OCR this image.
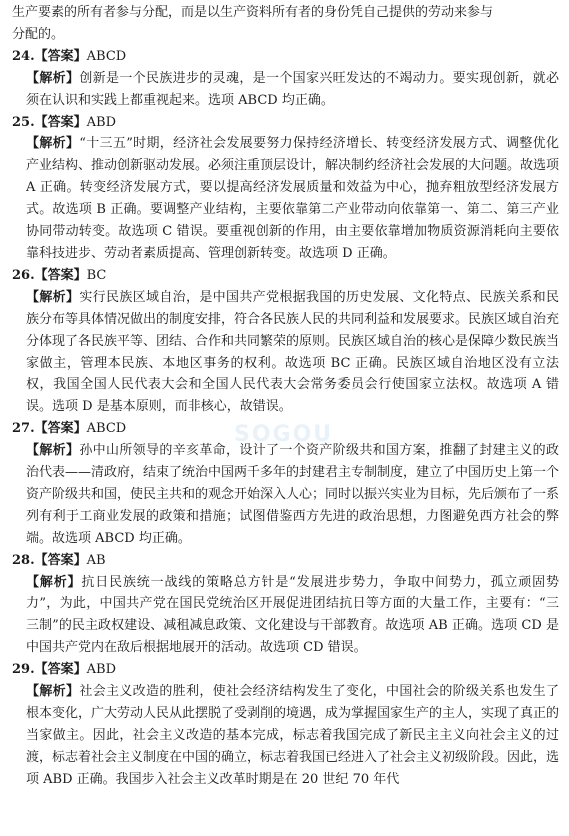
生产要素的所有者参与分配，而是以生产资料所有者的身份凭自己提供的劳动来参与

分配的。

24.【答案】ABCD

【解析】创新是一个民族进步的灵魂，是一个国家兴旺发达的不竭动力。要实现创新，就必须在认识和实践上都重视起来。选项 ABCD 均正确。

25.【答案】ABD

【解析】“十三五”时期，经济社会发展要努力保持经济增长、转变经济发展方式、调整优化产业结构、推动创新驱动发展。必须注重顶层设计，解决制约经济社会发展的大问题。故选项 A 正确。转变经济发展方式，要以提高经济发展质量和效益为中心，抛弃粗放型经济发展方式。故选项 B 正确。要调整产业结构，主要依靠第二产业带动向依靠第一、第二、第三产业协同带动转变。故选项 C 错误。要重视创新的作用，由主要依靠增加物质资源消耗向主要依靠科技进步、劳动者素质提高、管理创新转变。故选项 D 正确。

26.【答案】BC

【解析】实行民族区域自治，是中国共产党根据我国的历史发展、文化特点、民族关系和民族分布等具体情况做出的制度安排，符合各民族人民的共同利益和发展要求。民族区域自治充分体现了各民族平等、团结、合作和共同繁荣的原则。民族区域自治的核心是保障少数民族当家做主，管理本民族、本地区事务的权利。故选项 BC 正确。民族区域自治地区没有立法权，我国全国人民代表大会和全国人民代表大会常务委员会行使国家立法权。故选项 A 错误。选项 D 是基本原则，而非核心，故错误。

27.【答案】ABCD

【解析】孙中山所领导的辛亥革命，设计了一个资产阶级共和国方案，推翻了封建主义的政治代表——清政府，结束了统治中国两千多年的封建君主专制制度，建立了中国历史上第一个资产阶级共和国，使民主共和的观念开始深入人心；同时以振兴实业为目标，先后颁布了一系列有利于工商业发展的政策和措施；试图借鉴西方先进的政治思想，力图避免西方社会的弊端。故选项 ABCD 均正确。

28.【答案】AB

【解析】抗日民族统一战线的策略总方针是“发展进步势力，争取中间势力，孤立顽固势力”，为此，中国共产党在国民党统治区开展促进团结抗日等方面的大量工作，主要有：“三三制”的民主政权建设、减租减息政策、文化建设与干部教育。故选项 AB 正确。选项 CD 是中国共产党内在敌后根据地展开的活动。故选项 CD 错误。

29.【答案】ABD

【解析】社会主义改造的胜利，使社会经济结构发生了变化，中国社会的阶级关系也发生了根本变化，广大劳动人民从此摆脱了受剥削的境遇，成为掌握国家生产的主人，实现了真正的当家做主。因此，社会主义改造的基本完成，标志着我国完成了新民主主义向社会主义的过渡，标志着社会主义制度在中国的确立，标志着我国已经进入了社会主义初级阶段。因此，选项 ABD 正确。我国步入社会主义改革时期是在 20 世纪 70 年代

SOGOU
